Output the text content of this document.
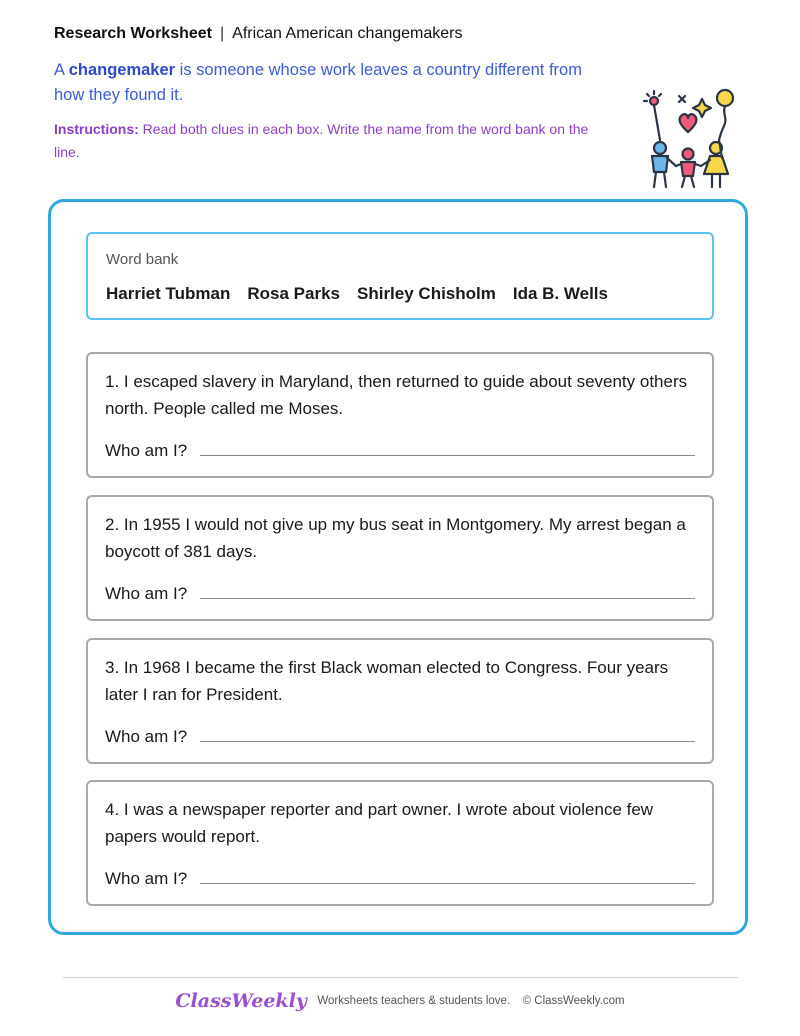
Research Worksheet | African American changemakers
A changemaker is someone whose work leaves a country different from how they found it.
Instructions: Read both clues in each box. Write the name from the word bank on the line.
Word bank
Harriet Tubman Rosa Parks Shirley Chisholm Ida B. Wells
1. I escaped slavery in Maryland, then returned to guide about seventy others north. People called me Moses.
Who am I?
2. In 1955 I would not give up my bus seat in Montgomery. My arrest began a boycott of 381 days.
Who am I?
3. In 1968 I became the first Black woman elected to Congress. Four years later I ran for President.
Who am I?
4. I was a newspaper reporter and part owner. I wrote about violence few papers would report.
Who am I?
ClassWeekly Worksheets teachers & students love. © ClassWeekly.com
